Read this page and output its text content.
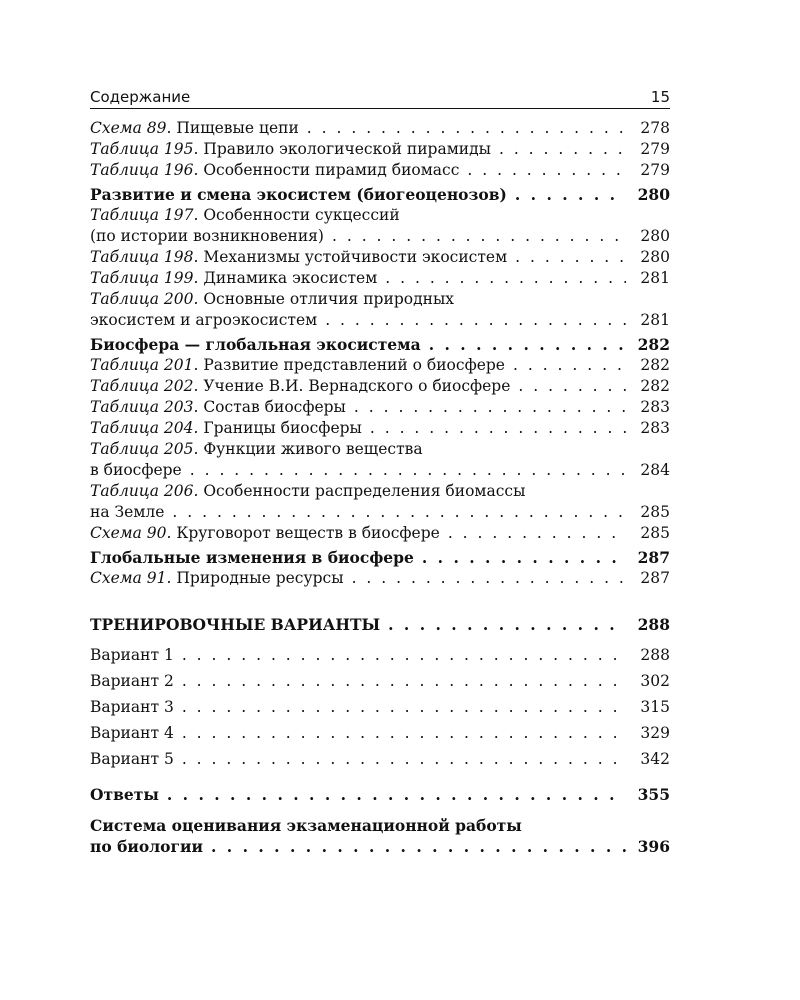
Содержание	15
Схема 89. Пищевые цепи . . .	278
Таблица 195. Правило экологической пирамиды . . .	279
Таблица 196. Особенности пирамид биомасс . . .	279
Развитие и смена экосистем (биогеоценозов) . . .	280
Таблица 197. Особенности сукцессий
(по истории возникновения) . . .	280
Таблица 198. Механизмы устойчивости экосистем . . .	280
Таблица 199. Динамика экосистем . . .	281
Таблица 200. Основные отличия природных
экосистем и агроэкосистем . . .	281
Биосфера — глобальная экосистема . . .	282
Таблица 201. Развитие представлений о биосфере . . .	282
Таблица 202. Учение В.И. Вернадского о биосфере . . .	282
Таблица 203. Состав биосферы . . .	283
Таблица 204. Границы биосферы . . .	283
Таблица 205. Функции живого вещества
в биосфере . . .	284
Таблица 206. Особенности распределения биомассы
на Земле . . .	285
Схема 90. Круговорот веществ в биосфере . . .	285
Глобальные изменения в биосфере . . .	287
Схема 91. Природные ресурсы . . .	287
ТРЕНИРОВОЧНЫЕ ВАРИАНТЫ . . .	288
Вариант 1 . . .	288
Вариант 2 . . .	302
Вариант 3 . . .	315
Вариант 4 . . .	329
Вариант 5 . . .	342
Ответы . . .	355
Система оценивания экзаменационной работы
по биологии . . .	396
